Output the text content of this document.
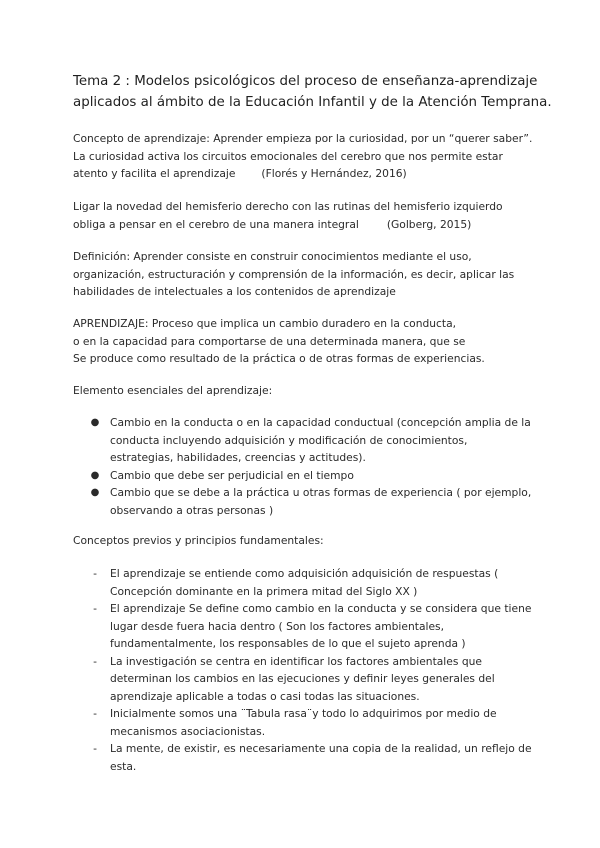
Tema 2 : Modelos psicológicos del proceso de enseñanza-aprendizaje
aplicados al ámbito de la Educación Infantil y de la Atención Temprana.
Concepto de aprendizaje: Aprender empieza por la curiosidad, por un “querer saber”.
La curiosidad activa los circuitos emocionales del cerebro que nos permite estar
atento y facilita el aprendizaje (Florés y Hernández, 2016)
Ligar la novedad del hemisferio derecho con las rutinas del hemisferio izquierdo
obliga a pensar en el cerebro de una manera integral	(Golberg, 2015)
Definición: Aprender consiste en construir conocimientos mediante el uso,
organización, estructuración y comprensión de la información, es decir, aplicar las
habilidades de intelectuales a los contenidos de aprendizaje
APRENDIZAJE: Proceso que implica un cambio duradero en la conducta,
o en la capacidad para comportarse de una determinada manera, que se
Se produce como resultado de la práctica o de otras formas de experiencias.
Elemento esenciales del aprendizaje:
● Cambio en la conducta o en la capacidad conductual (concepción amplia de la
conducta incluyendo adquisición y modificación de conocimientos,
estrategias, habilidades, creencias y actitudes).
● Cambio que debe ser perjudicial en el tiempo
● Cambio que se debe a la práctica u otras formas de experiencia ( por ejemplo,
observando a otras personas )
Conceptos previos y principios fundamentales:
- El aprendizaje se entiende como adquisición adquisición de respuestas (
Concepción dominante en la primera mitad del Siglo XX )
- El aprendizaje Se define como cambio en la conducta y se considera que tiene
lugar desde fuera hacia dentro ( Son los factores ambientales,
fundamentalmente, los responsables de lo que el sujeto aprenda )
- La investigación se centra en identificar los factores ambientales que
determinan los cambios en las ejecuciones y definir leyes generales del
aprendizaje aplicable a todas o casi todas las situaciones.
- Inicialmente somos una ¨Tabula rasa¨y todo lo adquirimos por medio de
mecanismos asociacionistas.
- La mente, de existir, es necesariamente una copia de la realidad, un reflejo de
esta.
